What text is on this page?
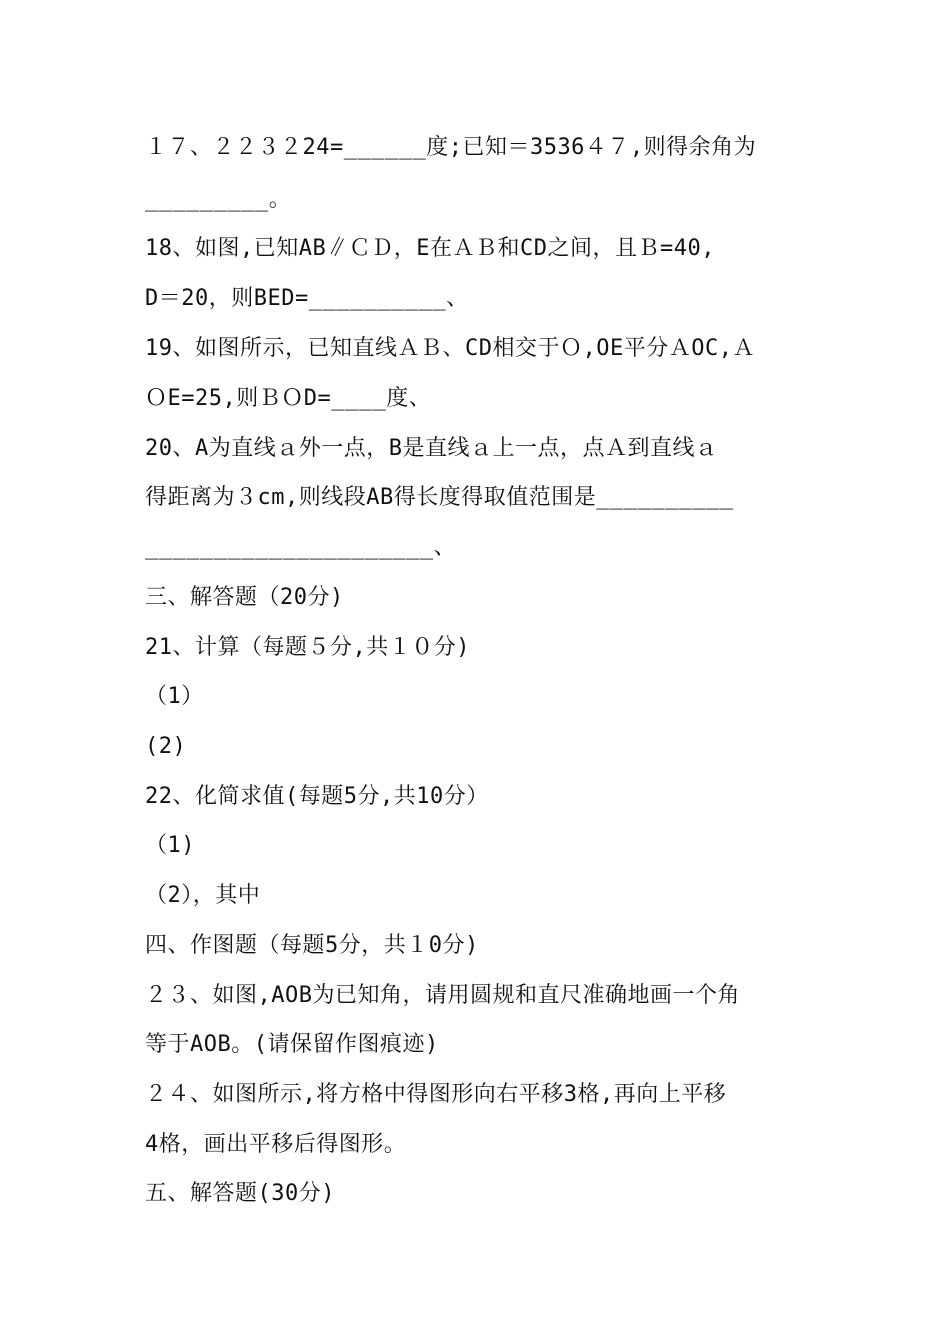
１７、２２３２24=______度;已知＝3536４７,则得余角为
_________。
18、如图,已知AB∥ＣＤ，E在ＡＢ和CD之间，且Ｂ=40,
D＝20，则BED=__________、
19、如图所示，已知直线ＡＢ、CD相交于Ｏ,OE平分ＡOC,Ａ
ＯE=25,则ＢＯD=____度、
20、A为直线ａ外一点，B是直线ａ上一点，点Ａ到直线ａ
得距离为３cm,则线段AB得长度得取值范围是__________
_____________________、
三、解答题（20分)
21、计算（每题５分,共１０分)
（1）
(2)
22、化简求值(每题5分,共10分）
（1)
（2），其中
四、作图题（每题5分，共１0分)
２３、如图,AOB为已知角，请用圆规和直尺准确地画一个角
等于AOB。(请保留作图痕迹)
２４、如图所示,将方格中得图形向右平移3格,再向上平移
4格，画出平移后得图形。
五、解答题(30分)
